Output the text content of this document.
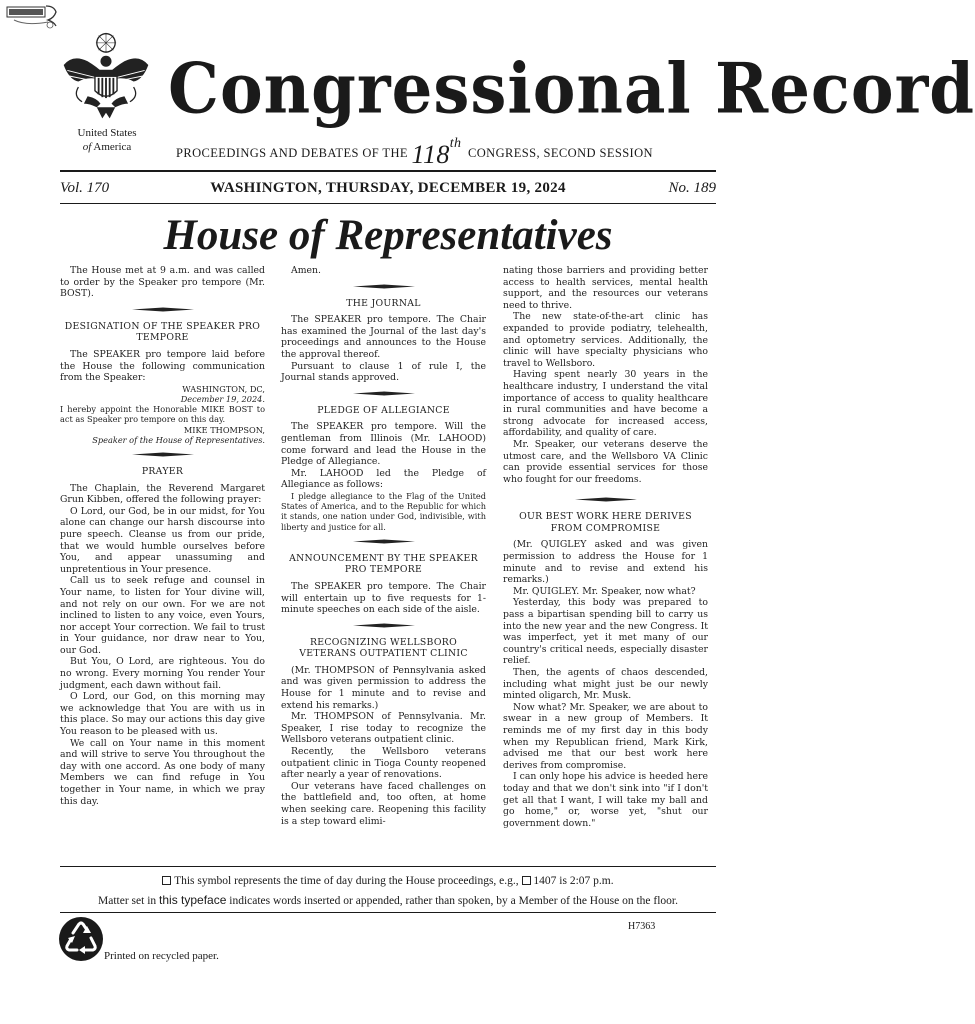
United States
of America
Congressional Record
PROCEEDINGS AND DEBATES OF THE 118th CONGRESS, SECOND SESSION
Vol. 170	WASHINGTON, THURSDAY, DECEMBER 19, 2024	No. 189
House of Representatives

The House met at 9 a.m. and was called to order by the Speaker pro tempore (Mr. BOST).

DESIGNATION OF THE SPEAKER PRO TEMPORE

The SPEAKER pro tempore laid before the House the following communication from the Speaker:

WASHINGTON, DC,

December 19, 2024.

I hereby appoint the Honorable MIKE BOST to act as Speaker pro tempore on this day.

MIKE THOMPSON,

Speaker of the House of Representatives.

PRAYER

The Chaplain, the Reverend Margaret Grun Kibben, offered the following prayer:

O Lord, our God, be in our midst, for You alone can change our harsh discourse into pure speech. Cleanse us from our pride, that we would humble ourselves before You, and appear unassuming and unpretentious in Your presence.

Call us to seek refuge and counsel in Your name, to listen for Your divine will, and not rely on our own. For we are not inclined to listen to any voice, even Yours, nor accept Your correction. We fail to trust in Your guidance, nor draw near to You, our God.

But You, O Lord, are righteous. You do no wrong. Every morning You render Your judgment, each dawn without fail.

O Lord, our God, on this morning may we acknowledge that You are with us in this place. So may our actions this day give You reason to be pleased with us.

We call on Your name in this moment and will strive to serve You throughout the day with one accord. As one body of many Members we can find refuge in You together in Your name, in which we pray this day.

Amen.

THE JOURNAL

The SPEAKER pro tempore. The Chair has examined the Journal of the last day's proceedings and announces to the House the approval thereof.

Pursuant to clause 1 of rule I, the Journal stands approved.

PLEDGE OF ALLEGIANCE

The SPEAKER pro tempore. Will the gentleman from Illinois (Mr. LAHOOD) come forward and lead the House in the Pledge of Allegiance.

Mr. LAHOOD led the Pledge of Allegiance as follows:

I pledge allegiance to the Flag of the United States of America, and to the Republic for which it stands, one nation under God, indivisible, with liberty and justice for all.

ANNOUNCEMENT BY THE SPEAKER PRO TEMPORE

The SPEAKER pro tempore. The Chair will entertain up to five requests for 1-minute speeches on each side of the aisle.

RECOGNIZING WELLSBORO VETERANS OUTPATIENT CLINIC

(Mr. THOMPSON of Pennsylvania asked and was given permission to address the House for 1 minute and to revise and extend his remarks.)

Mr. THOMPSON of Pennsylvania. Mr. Speaker, I rise today to recognize the Wellsboro veterans outpatient clinic.

Recently, the Wellsboro veterans outpatient clinic in Tioga County reopened after nearly a year of renovations.

Our veterans have faced challenges on the battlefield and, too often, at home when seeking care. Reopening this facility is a step toward elimi-

nating those barriers and providing better access to health services, mental health support, and the resources our veterans need to thrive.

The new state-of-the-art clinic has expanded to provide podiatry, telehealth, and optometry services. Additionally, the clinic will have specialty physicians who travel to Wellsboro.

Having spent nearly 30 years in the healthcare industry, I understand the vital importance of access to quality healthcare in rural communities and have become a strong advocate for increased access, affordability, and quality of care.

Mr. Speaker, our veterans deserve the utmost care, and the Wellsboro VA Clinic can provide essential services for those who fought for our freedoms.

OUR BEST WORK HERE DERIVES FROM COMPROMISE

(Mr. QUIGLEY asked and was given permission to address the House for 1 minute and to revise and extend his remarks.)

Mr. QUIGLEY. Mr. Speaker, now what?

Yesterday, this body was prepared to pass a bipartisan spending bill to carry us into the new year and the new Congress. It was imperfect, yet it met many of our country's critical needs, especially disaster relief.

Then, the agents of chaos descended, including what might just be our newly minted oligarch, Mr. Musk.

Now what? Mr. Speaker, we are about to swear in a new group of Members. It reminds me of my first day in this body when my Republican friend, Mark Kirk, advised me that our best work here derives from compromise.

I can only hope his advice is heeded here today and that we don't sink into "if I don't get all that I want, I will take my ball and go home," or, worse yet, "shut our government down."

This symbol represents the time of day during the House proceedings, e.g., 1407 is 2:07 p.m.
Matter set in this typeface indicates words inserted or appended, rather than spoken, by a Member of the House on the floor.
H7363
Printed on recycled paper.
